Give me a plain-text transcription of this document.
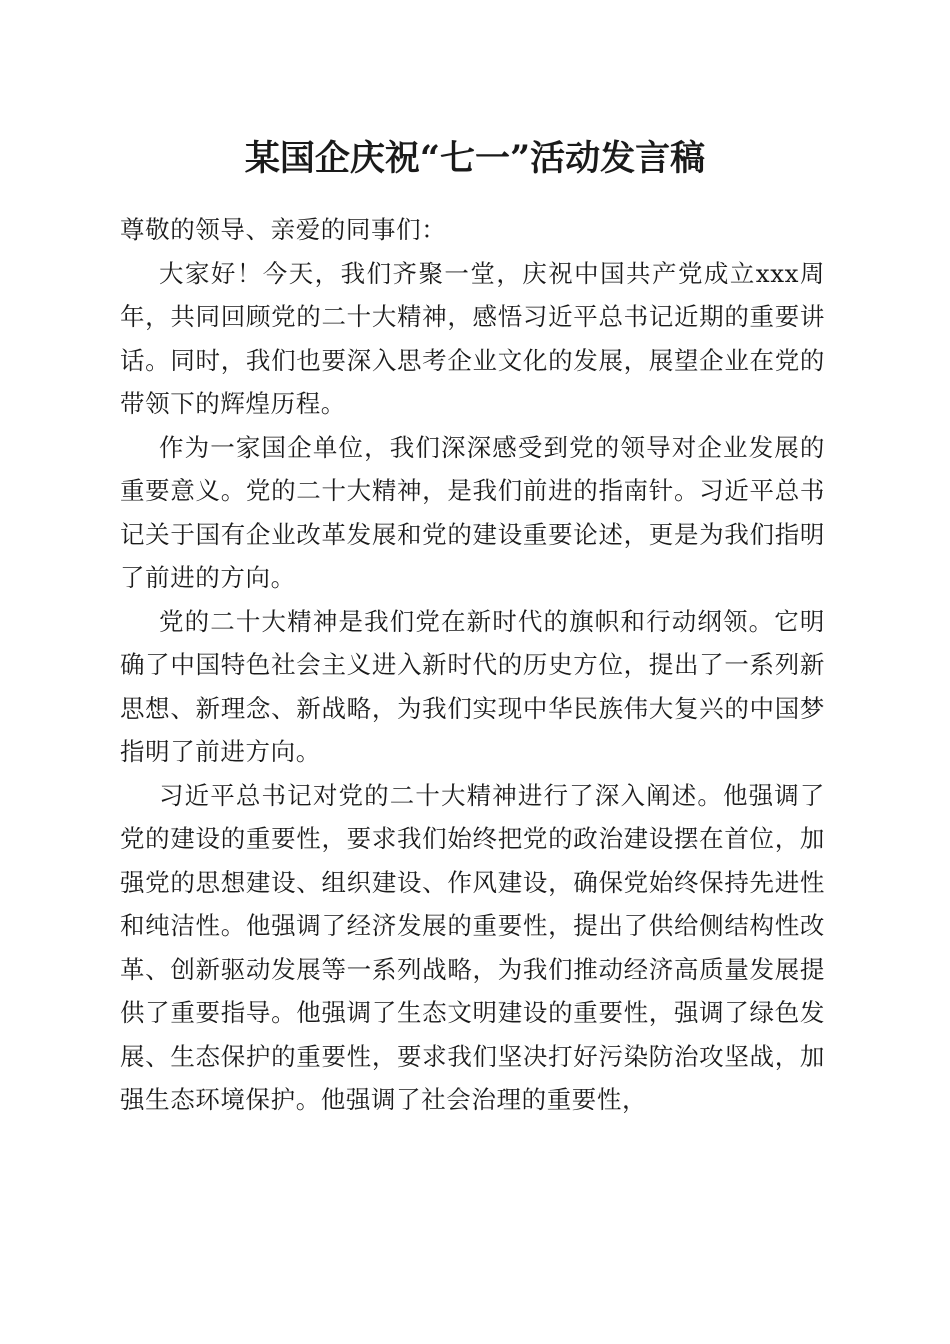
某国企庆祝“七一”活动发言稿

尊敬的领导、亲爱的同事们：

大家好！今天，我们齐聚一堂，庆祝中国共产党成立xxx周年，共同回顾党的二十大精神，感悟习近平总书记近期的重要讲话。同时，我们也要深入思考企业文化的发展，展望企业在党的带领下的辉煌历程。

作为一家国企单位，我们深深感受到党的领导对企业发展的重要意义。党的二十大精神，是我们前进的指南针。习近平总书记关于国有企业改革发展和党的建设重要论述，更是为我们指明了前进的方向。

党的二十大精神是我们党在新时代的旗帜和行动纲领。它明确了中国特色社会主义进入新时代的历史方位，提出了一系列新思想、新理念、新战略，为我们实现中华民族伟大复兴的中国梦指明了前进方向。

习近平总书记对党的二十大精神进行了深入阐述。他强调了党的建设的重要性，要求我们始终把党的政治建设摆在首位，加强党的思想建设、组织建设、作风建设，确保党始终保持先进性和纯洁性。他强调了经济发展的重要性，提出了供给侧结构性改革、创新驱动发展等一系列战略，为我们推动经济高质量发展提供了重要指导。他强调了生态文明建设的重要性，强调了绿色发展、生态保护的重要性，要求我们坚决打好污染防治攻坚战，加强生态环境保护。他强调了社会治理的重要性，
